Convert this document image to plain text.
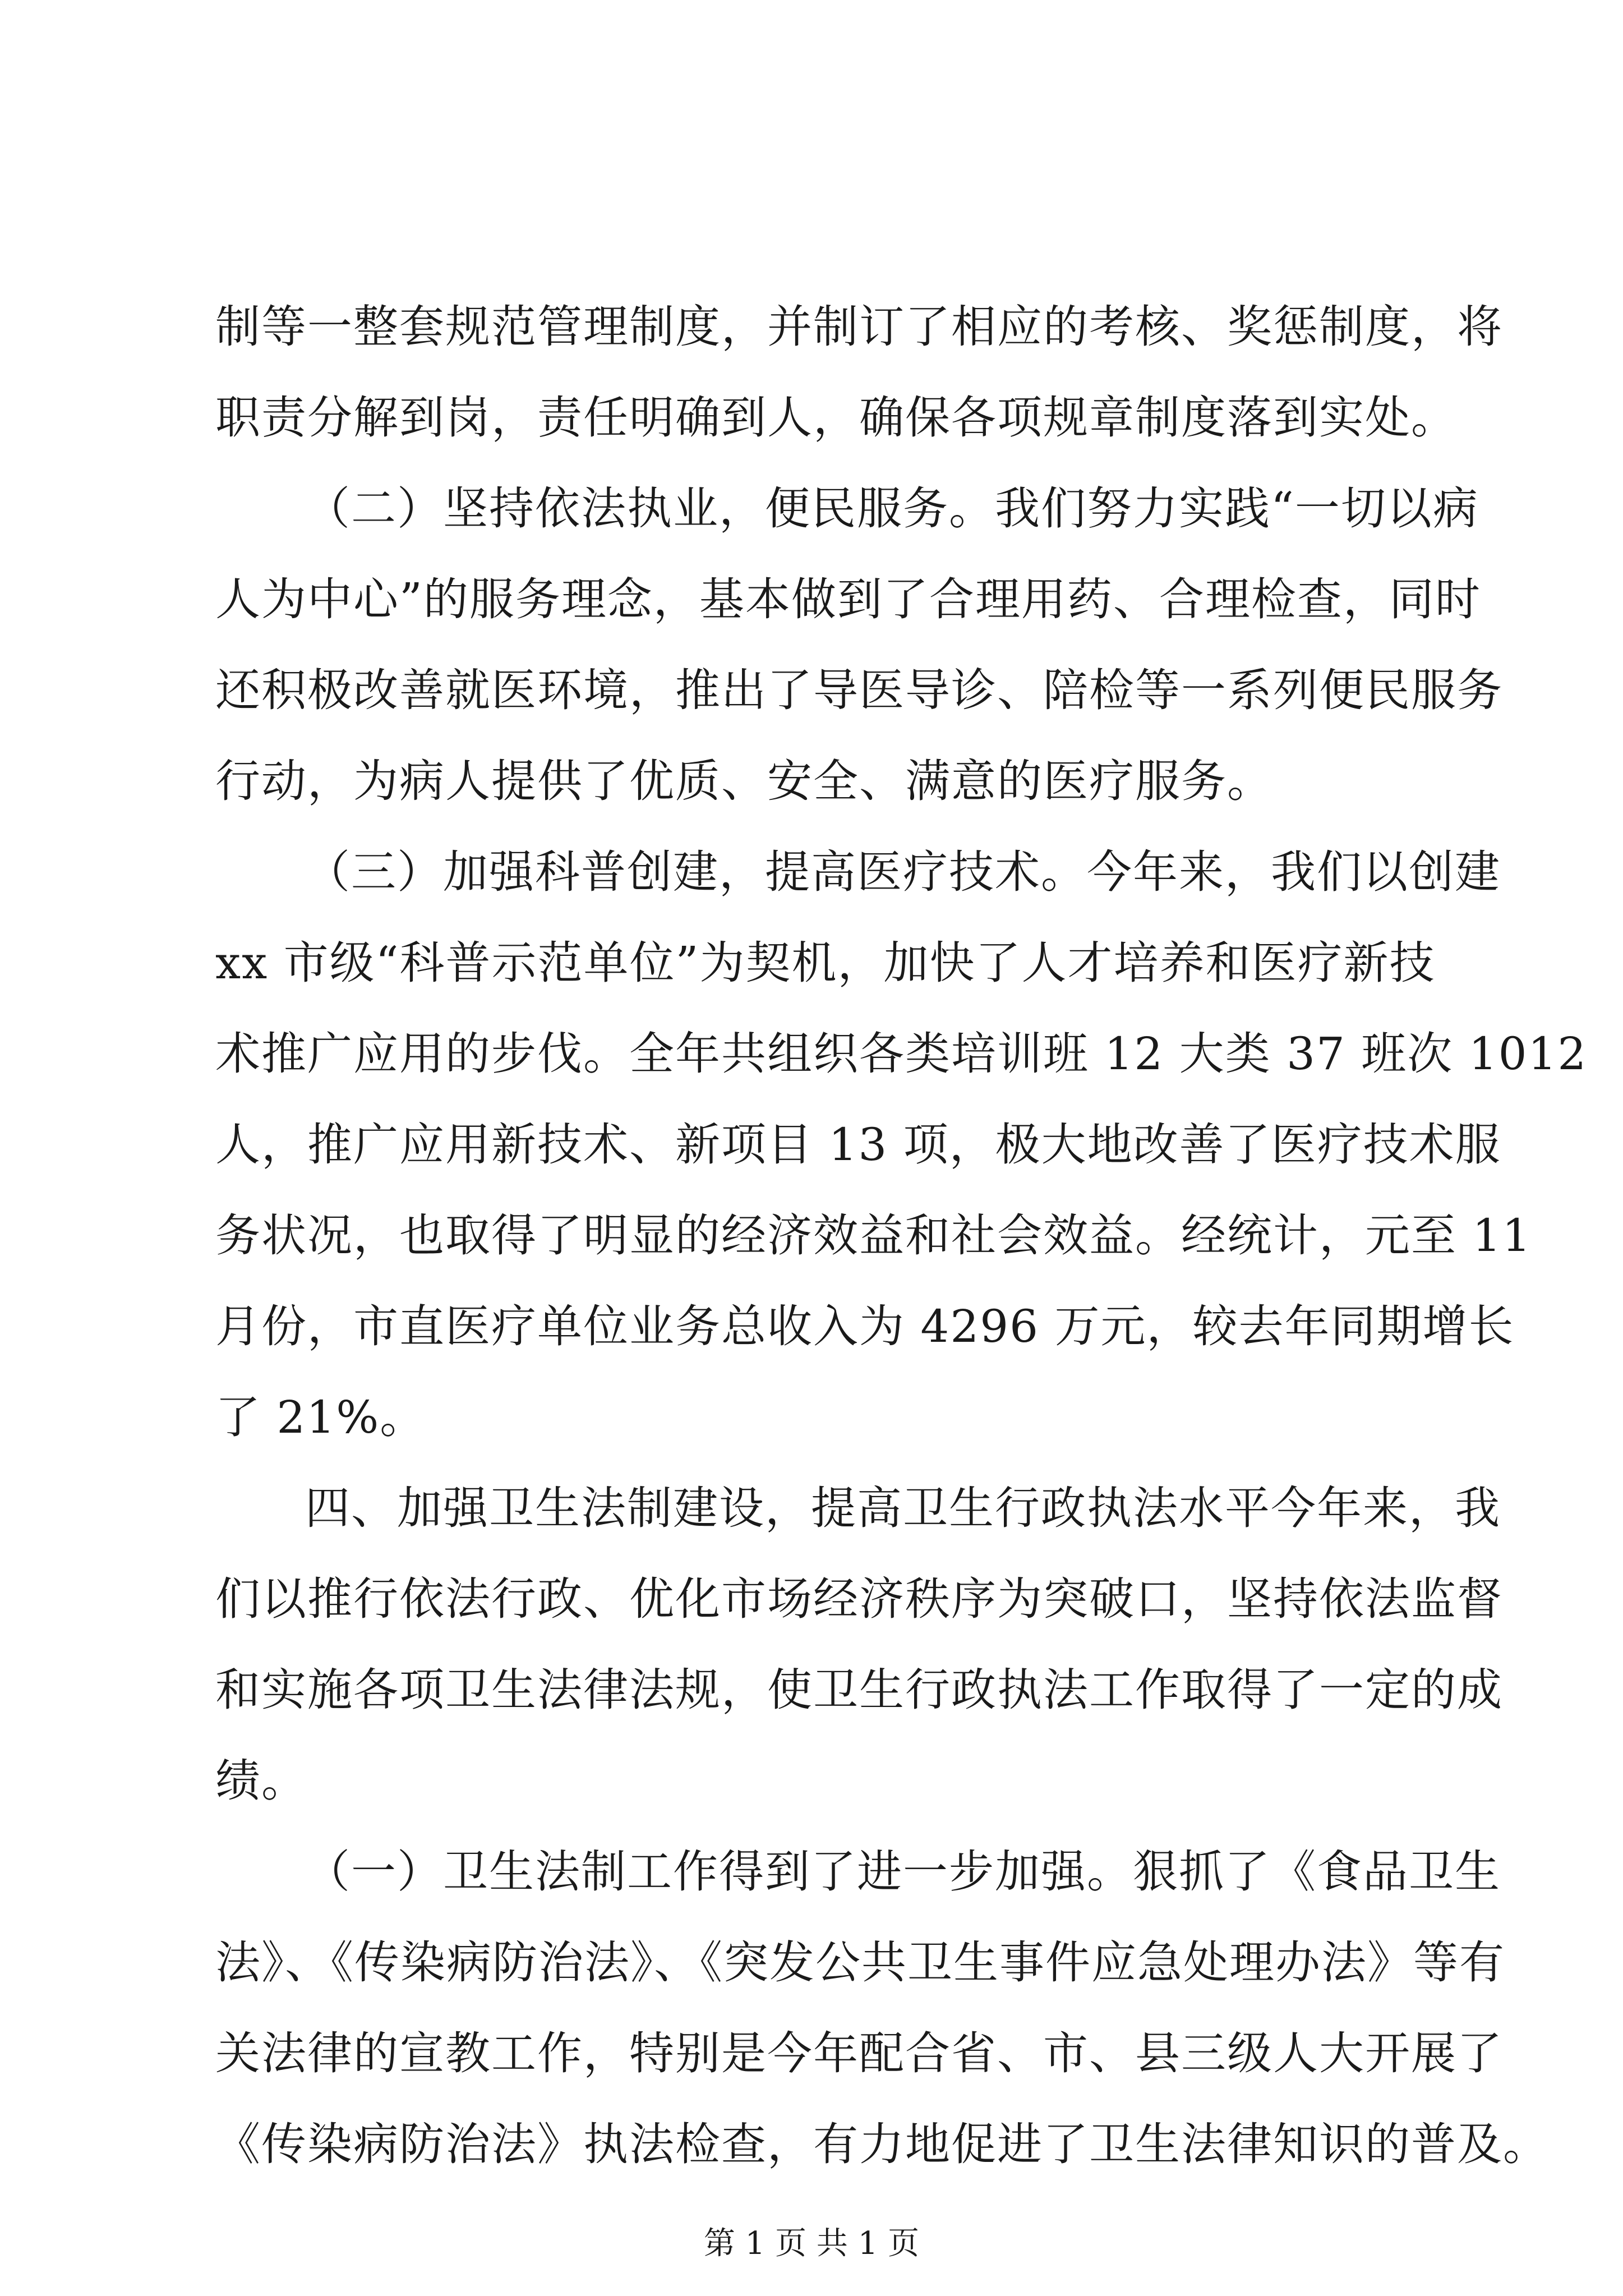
制等一整套规范管理制度，并制订了相应的考核、奖惩制度，将
职责分解到岗，责任明确到人，确保各项规章制度落到实处。
（二）坚持依法执业，便民服务。我们努力实践“一切以病
人为中心”的服务理念，基本做到了合理用药、合理检查，同时
还积极改善就医环境，推出了导医导诊、陪检等一系列便民服务
行动，为病人提供了优质、安全、满意的医疗服务。
（三）加强科普创建，提高医疗技术。今年来，我们以创建
xx 市级“科普示范单位”为契机，加快了人才培养和医疗新技
术推广应用的步伐。全年共组织各类培训班 12 大类 37 班次 1012
人，推广应用新技术、新项目 13 项，极大地改善了医疗技术服
务状况，也取得了明显的经济效益和社会效益。经统计，元至 11
月份，市直医疗单位业务总收入为 4296 万元，较去年同期增长
了 21%。
四、加强卫生法制建设，提高卫生行政执法水平今年来，我
们以推行依法行政、优化市场经济秩序为突破口，坚持依法监督
和实施各项卫生法律法规，使卫生行政执法工作取得了一定的成
绩。
（一）卫生法制工作得到了进一步加强。狠抓了《食品卫生
法》、《传染病防治法》、《突发公共卫生事件应急处理办法》等有
关法律的宣教工作，特别是今年配合省、市、县三级人大开展了
《传染病防治法》执法检查，有力地促进了卫生法律知识的普及。
第 1 页 共 1 页
